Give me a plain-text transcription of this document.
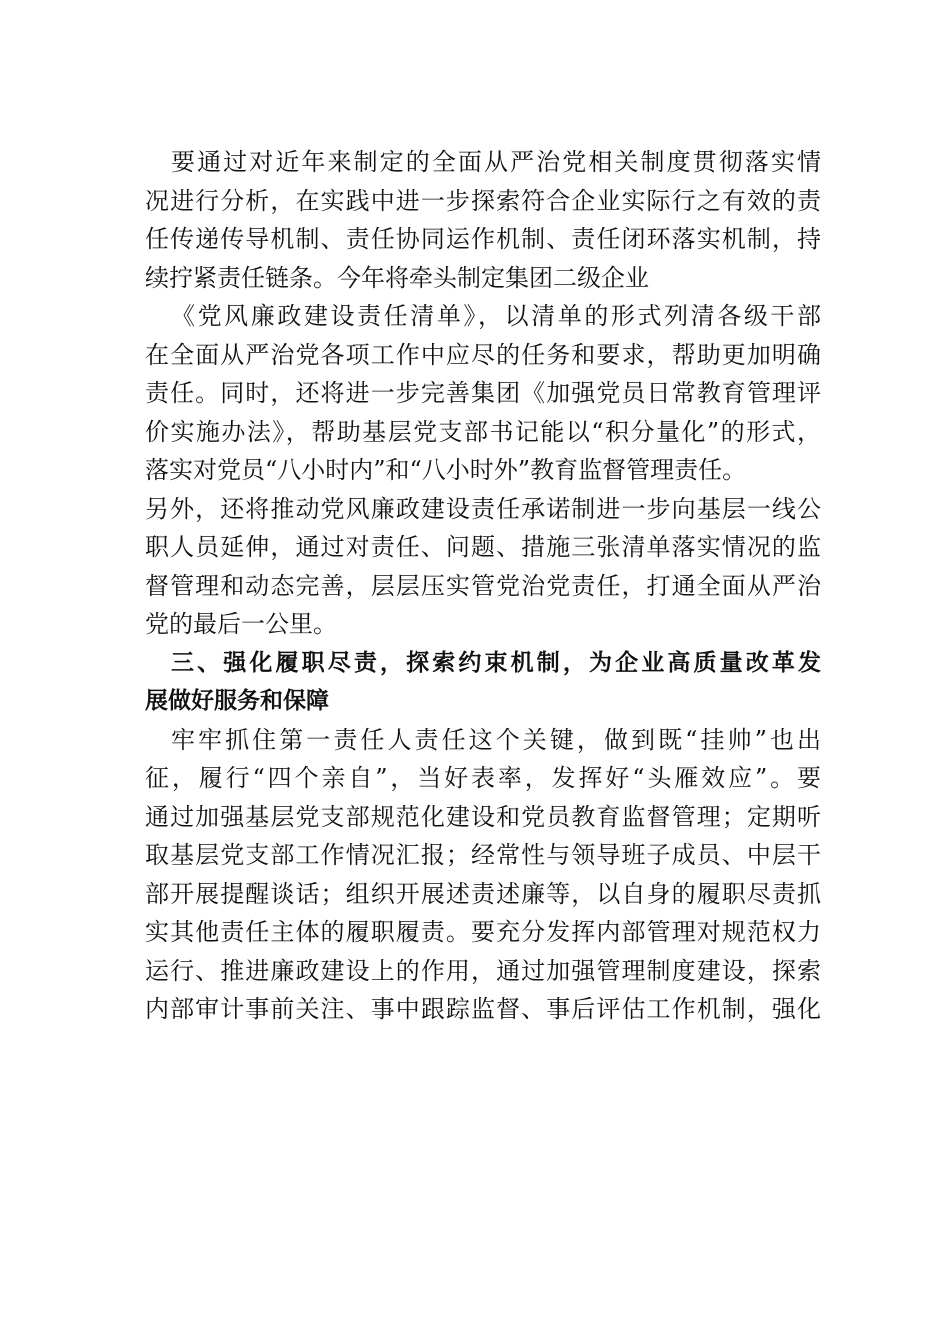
要通过对近年来制定的全面从严治党相关制度贯彻落实情
况进行分析，在实践中进一步探索符合企业实际行之有效的责
任传递传导机制、责任协同运作机制、责任闭环落实机制，持
续拧紧责任链条。今年将牵头制定集团二级企业
《党风廉政建设责任清单》，以清单的形式列清各级干部
在全面从严治党各项工作中应尽的任务和要求，帮助更加明确
责任。同时，还将进一步完善集团《加强党员日常教育管理评
价实施办法》，帮助基层党支部书记能以“积分量化”的形式，
落实对党员“八小时内”和“八小时外”教育监督管理责任。
另外，还将推动党风廉政建设责任承诺制进一步向基层一线公
职人员延伸，通过对责任、问题、措施三张清单落实情况的监
督管理和动态完善，层层压实管党治党责任，打通全面从严治
党的最后一公里。
三、强化履职尽责，探索约束机制，为企业高质量改革发
展做好服务和保障
牢牢抓住第一责任人责任这个关键，做到既“挂帅”也出
征，履行“四个亲自”，当好表率，发挥好“头雁效应”。要
通过加强基层党支部规范化建设和党员教育监督管理；定期听
取基层党支部工作情况汇报；经常性与领导班子成员、中层干
部开展提醒谈话；组织开展述责述廉等，以自身的履职尽责抓
实其他责任主体的履职履责。要充分发挥内部管理对规范权力
运行、推进廉政建设上的作用，通过加强管理制度建设，探索
内部审计事前关注、事中跟踪监督、事后评估工作机制，强化
